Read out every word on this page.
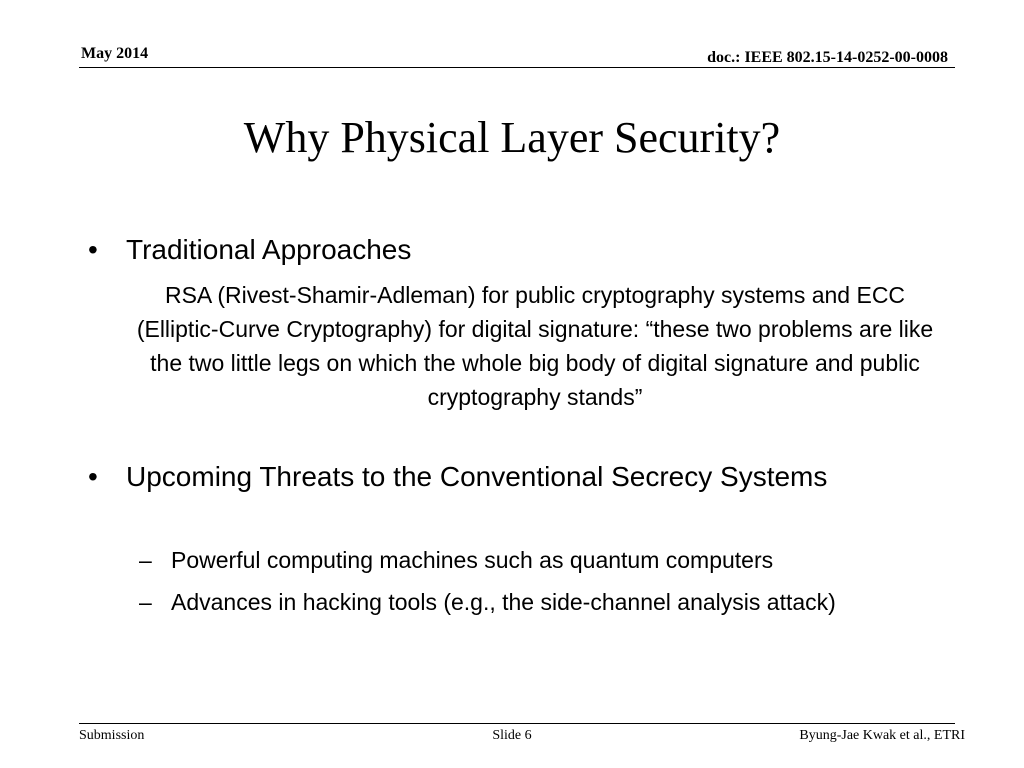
May 2014	doc.: IEEE 802.15-14-0252-00-0008
Why Physical Layer Security?
• Traditional Approaches
RSA (Rivest-Shamir-Adleman) for public cryptography systems and ECC (Elliptic-Curve Cryptography) for digital signature: “these two problems are like the two little legs on which the whole big body of digital signature and public cryptography stands”
• Upcoming Threats to the Conventional Secrecy Systems
– Powerful computing machines such as quantum computers
– Advances in hacking tools (e.g., the side-channel analysis attack)
Submission	Slide 6	Byung-Jae Kwak et al., ETRI
